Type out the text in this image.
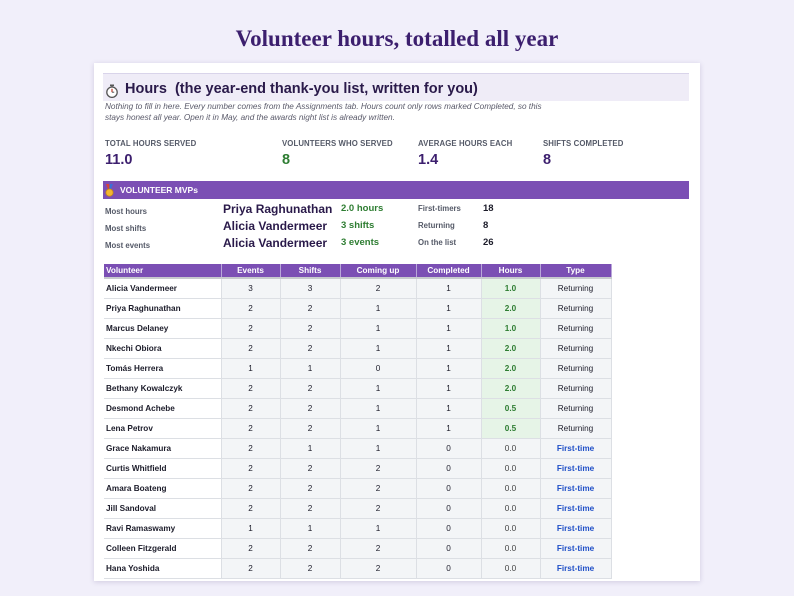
Volunteer hours, totalled all year
Hours  (the year-end thank-you list, written for you)
Nothing to fill in here. Every number comes from the Assignments tab. Hours count only rows marked Completed, so this stays honest all year. Open it in May, and the awards night list is already written.
TOTAL HOURS SERVED
11.0
VOLUNTEERS WHO SERVED
8
AVERAGE HOURS EACH
1.4
SHIFTS COMPLETED
8
VOLUNTEER MVPs
Most hours	Priya Raghunathan 2.0 hours	First-timers 18
Most shifts	Alicia Vandermeer 3 shifts	Returning	8
Most events	Alicia Vandermeer 3 events	On the list	26
Volunteer	Events	Shifts	Coming up	Completed	Hours	Type
Alicia Vandermeer	3	3	2	1	1.0	Returning
Priya Raghunathan	2	2	1	1	2.0	Returning
Marcus Delaney	2	2	1	1	1.0	Returning
Nkechi Obiora	2	2	1	1	2.0	Returning
Tomás Herrera	1	1	0	1	2.0	Returning
Bethany Kowalczyk	2	2	1	1	2.0	Returning
Desmond Achebe	2	2	1	1	0.5	Returning
Lena Petrov	2	2	1	1	0.5	Returning
Grace Nakamura	2	1	1	0	0.0	First-time
Curtis Whitfield	2	2	2	0	0.0	First-time
Amara Boateng	2	2	2	0	0.0	First-time
Jill Sandoval	2	2	2	0	0.0	First-time
Ravi Ramaswamy	1	1	1	0	0.0	First-time
Colleen Fitzgerald	2	2	2	0	0.0	First-time
Hana Yoshida	2	2	2	0	0.0	First-time
